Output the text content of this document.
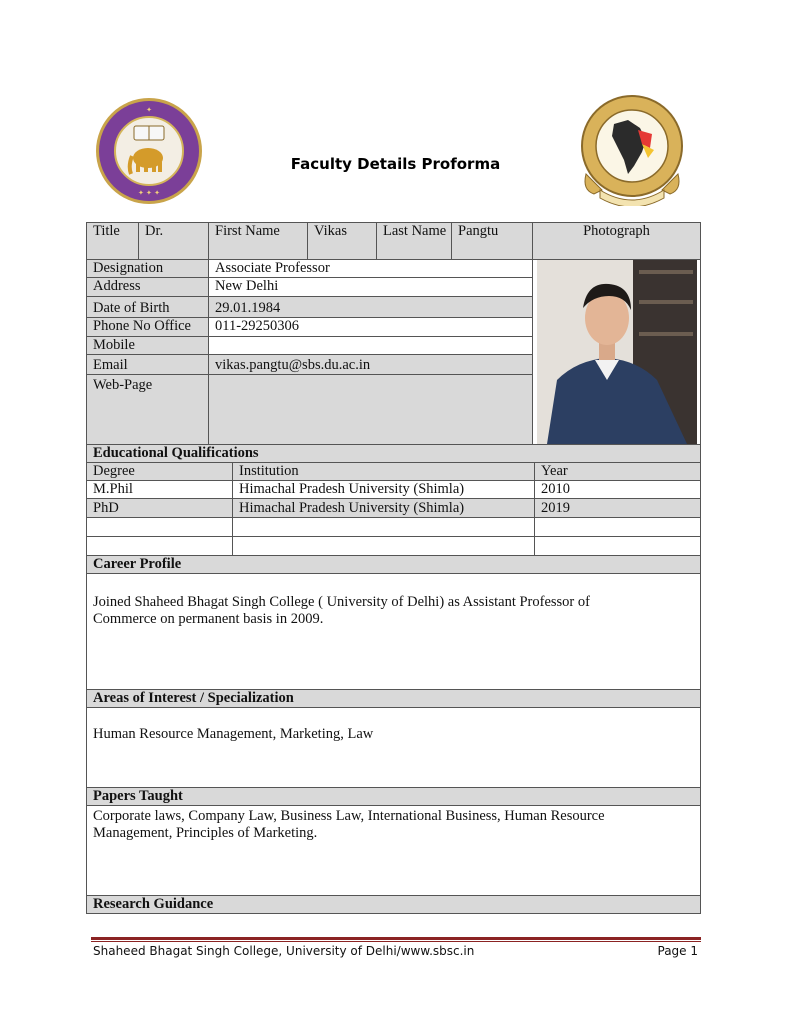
✦ ✦ ✦
✦
Faculty Details Proforma
Title	Dr.	First Name	Vikas	Last Name	Pangtu	Photograph
Designation		Associate Professor	

Address		New Delhi				
Date of Birth		29.01.1984				
Phone No Office		011-29250306				
Mobile						
Email		vikas.pangtu@sbs.du.ac.in				
Web-Page						
Educational Qualifications		
Degree	Institution	Year
M.Phil	Himachal Pradesh University (Shimla)	2010
PhD	Himachal Pradesh University (Shimla)	2019

Career Profile
Joined Shaheed Bhagat Singh College ( University of Delhi) as Assistant Professor of Commerce on permanent basis in 2009.
Areas of Interest / Specialization
Human Resource Management, Marketing, Law
Papers Taught
Corporate laws, Company Law, Business Law, International Business, Human Resource Management, Principles of Marketing.
Research Guidance
Shaheed Bhagat Singh College, University of Delhi/www.sbsc.in	Page 1
